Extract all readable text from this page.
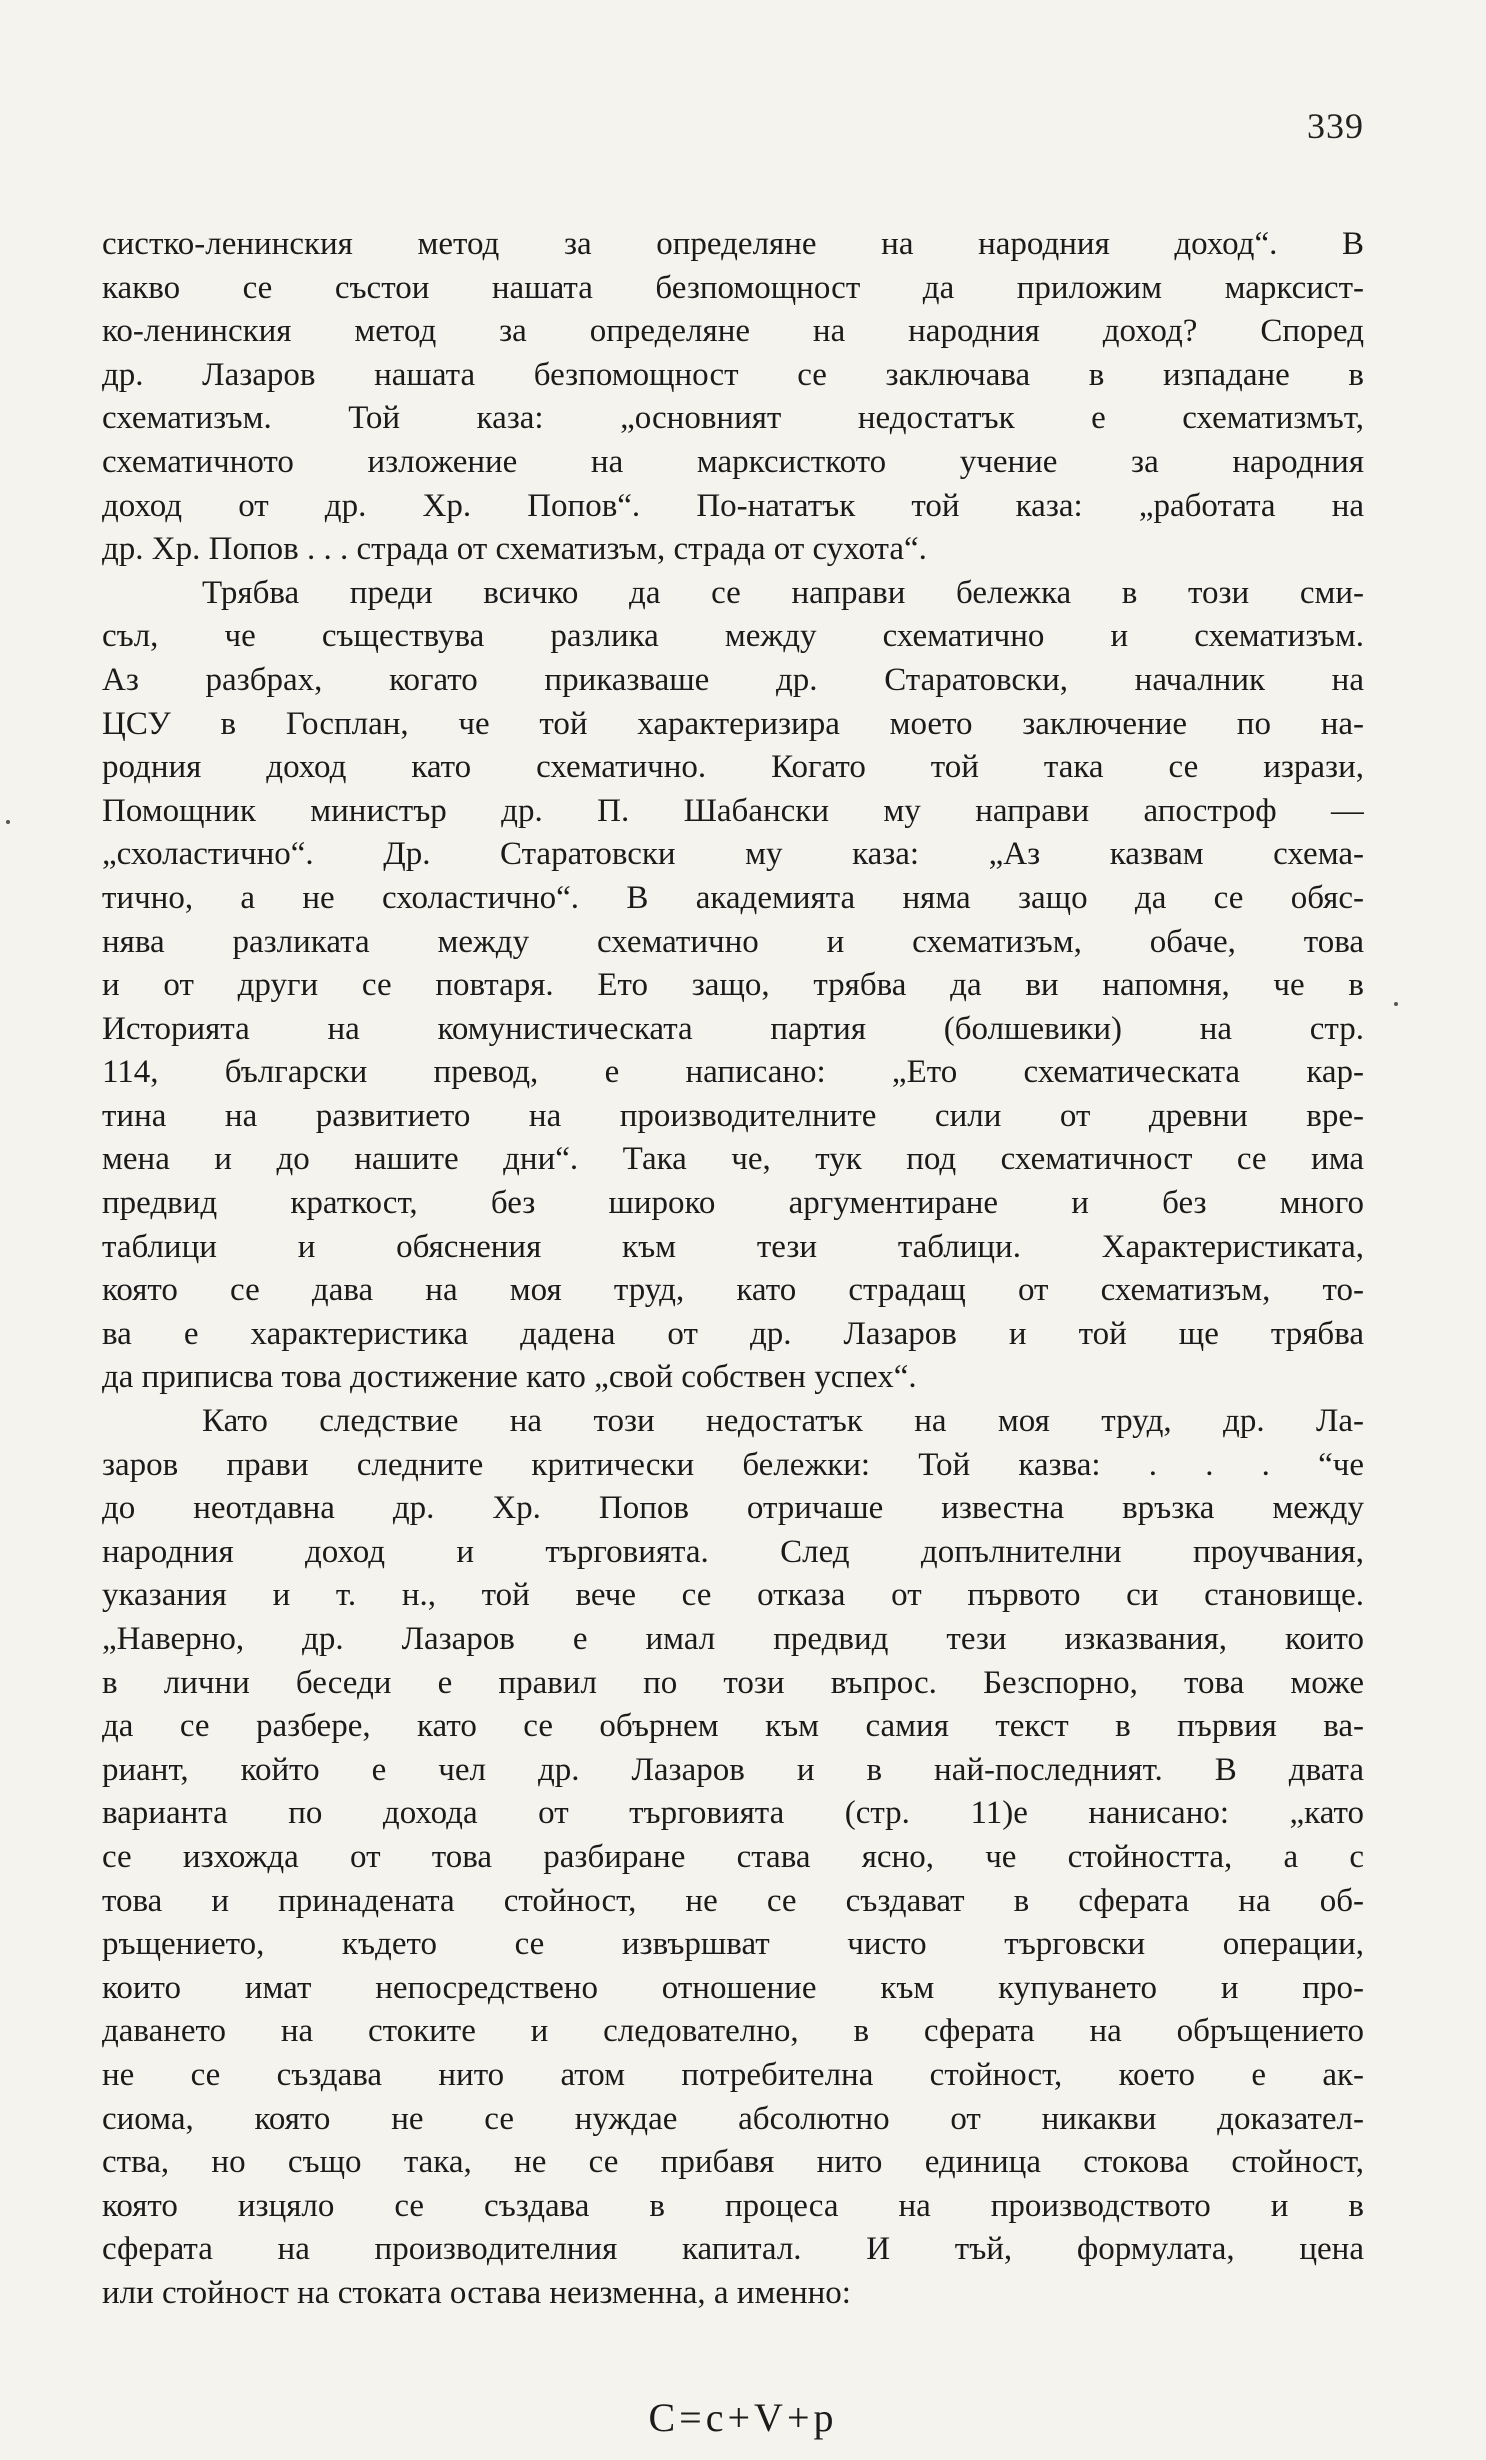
339
систко-ленинския метод за определяне на народния доход“. В
какво се състои нашата безпомощност да приложим марксист-
ко-ленинския метод за определяне на народния доход? Според
др. Лазаров нашата безпомощност се заключава в изпадане в
схематизъм. Той каза: „основният недостатък е схематизмът,
схематичното изложение на марксисткото учение за народния
доход от др. Хр. Попов“. По-нататък той каза: „работата на
др. Хр. Попов . . . страда от схематизъм, страда от сухота“.
Трябва преди всичко да се направи бележка в този сми-
съл, че съществува разлика между схематично и схематизъм.
Аз разбрах, когато приказваше др. Старатовски, началник на
ЦСУ в Госплан, че той характеризира моето заключение по на-
родния доход като схематично. Когато той така се изрази,
Помощник министър др. П. Шабански му направи апостроф —
„схоластично“. Др. Старатовски му каза: „Аз казвам схема-
тично, а не схоластично“. В академията няма защо да се обяс-
нява разликата между схематично и схематизъм, обаче, това
и от други се повтаря. Ето защо, трябва да ви напомня, че в
Историята на комунистическата партия (болшевики) на стр.
114, български превод, е написано: „Ето схематическата кар-
тина на развитието на производителните сили от древни вре-
мена и до нашите дни“. Така че, тук под схематичност се има
предвид краткост, без широко аргументиране и без много
таблици и обяснения към тези таблици. Характеристиката,
която се дава на моя труд, като страдащ от схематизъм, то-
ва е характеристика дадена от др. Лазаров и той ще трябва
да приписва това достижение като „свой собствен успех“.
Като следствие на този недостатък на моя труд, др. Ла-
заров прави следните критически бележки: Той казва: . . . “че
до неотдавна др. Хр. Попов отричаше известна връзка между
народния доход и търговията. След допълнителни проучвания,
указания и т. н., той вече се отказа от първото си становище.
„Наверно, др. Лазаров е имал предвид тези изказвания, които
в лични беседи е правил по този въпрос. Безспорно, това може
да се разбере, като се обърнем към самия текст в първия ва-
риант, който е чел др. Лазаров и в най-последният. В двата
варианта по дохода от търговията (стр. 11)е нанисано: „като
се изхожда от това разбиране става ясно, че стойността, а с
това и принадената стойност, не се създават в сферата на об-
ръщението, където се извършват чисто търговски операции,
които имат непосредствено отношение към купуването и про-
даването на стоките и следователно, в сферата на обръщението
не се създава нито атом потребителна стойност, което е ак-
сиома, която не се нуждае абсолютно от никакви доказател-
ства, но също така, не се прибавя нито единица стокова стойност,
която изцяло се създава в процеса на производството и в
сферата на производителния капитал. И тъй, формулата, цена
или стойност на стоката остава неизменна, а именно:
С=c+V+p
